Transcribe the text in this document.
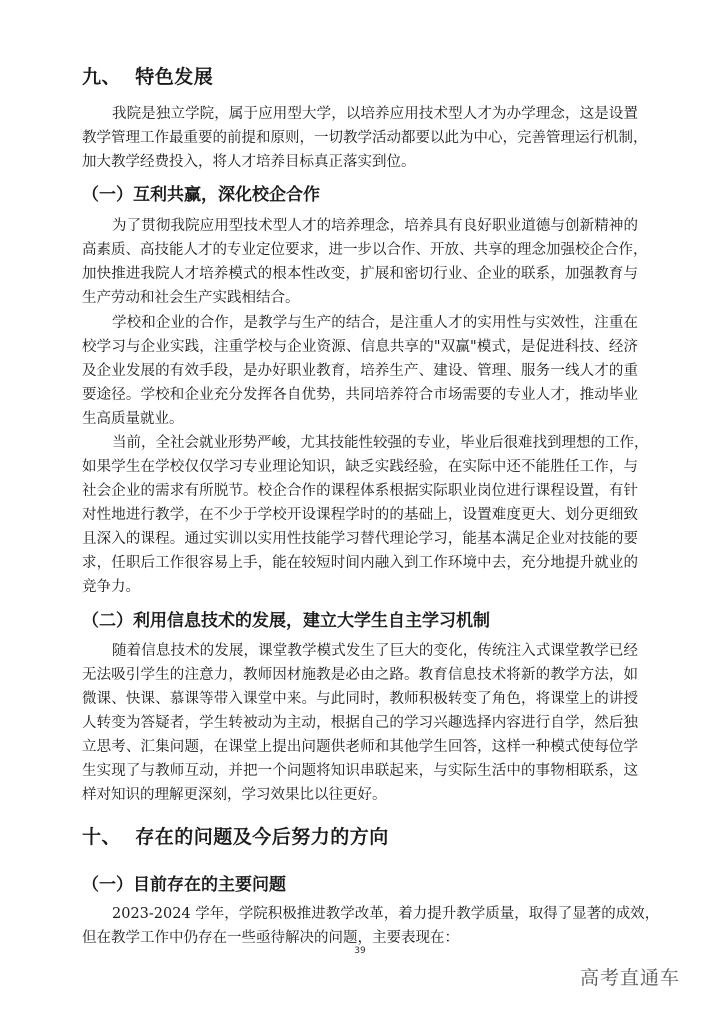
九、  特色发展
我院是独立学院，属于应用型大学，以培养应用技术型人才为办学理念，这是设置
教学管理工作最重要的前提和原则，一切教学活动都要以此为中心，完善管理运行机制，
加大教学经费投入，将人才培养目标真正落实到位。
（一）互利共赢，深化校企合作
为了贯彻我院应用型技术型人才的培养理念，培养具有良好职业道德与创新精神的
高素质、高技能人才的专业定位要求，进一步以合作、开放、共享的理念加强校企合作，
加快推进我院人才培养模式的根本性改变，扩展和密切行业、企业的联系，加强教育与
生产劳动和社会生产实践相结合。
学校和企业的合作，是教学与生产的结合，是注重人才的实用性与实效性，注重在
校学习与企业实践，注重学校与企业资源、信息共享的"双赢"模式，是促进科技、经济
及企业发展的有效手段，是办好职业教育，培养生产、建设、管理、服务一线人才的重
要途径。学校和企业充分发挥各自优势，共同培养符合市场需要的专业人才，推动毕业
生高质量就业。
当前，全社会就业形势严峻，尤其技能性较强的专业，毕业后很难找到理想的工作，
如果学生在学校仅仅学习专业理论知识，缺乏实践经验，在实际中还不能胜任工作，与
社会企业的需求有所脱节。校企合作的课程体系根据实际职业岗位进行课程设置，有针
对性地进行教学，在不少于学校开设课程学时的的基础上，设置难度更大、划分更细致
且深入的课程。通过实训以实用性技能学习替代理论学习，能基本满足企业对技能的要
求，任职后工作很容易上手，能在较短时间内融入到工作环境中去，充分地提升就业的
竞争力。
（二）利用信息技术的发展，建立大学生自主学习机制
随着信息技术的发展，课堂教学模式发生了巨大的变化，传统注入式课堂教学已经
无法吸引学生的注意力，教师因材施教是必由之路。教育信息技术将新的教学方法，如
微课、快课、慕课等带入课堂中来。与此同时，教师积极转变了角色，将课堂上的讲授
人转变为答疑者，学生转被动为主动，根据自己的学习兴趣选择内容进行自学，然后独
立思考、汇集问题，在课堂上提出问题供老师和其他学生回答，这样一种模式使每位学
生实现了与教师互动，并把一个问题将知识串联起来，与实际生活中的事物相联系，这
样对知识的理解更深刻，学习效果比以往更好。
十、  存在的问题及今后努力的方向
（一）目前存在的主要问题
2023-2024 学年，学院积极推进教学改革，着力提升教学质量，取得了显著的成效，
但在教学工作中仍存在一些亟待解决的问题，主要表现在：
39
高考直通车
